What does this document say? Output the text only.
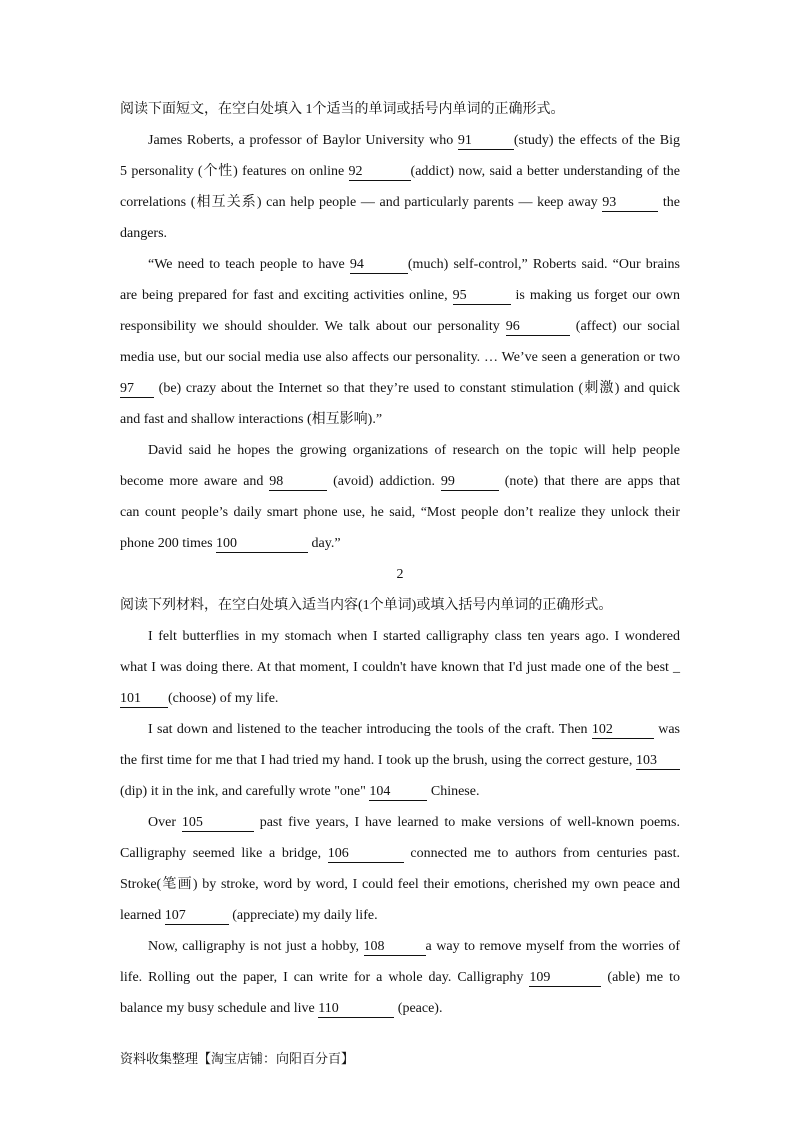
阅读下面短文，在空白处填入 1个适当的单词或括号内单词的正确形式。
James Roberts, a professor of Baylor University who 91	(study) the effects of the Big
5 personality (个性) features on online 92	(addict) now, said a better understanding of the
correlations (相互关系) can help people — and particularly parents — keep away 93	the
dangers.
“We need to teach people to have 94	(much) self-control,” Roberts said. “Our brains
are being prepared for fast and exciting activities online, 95	is making us forget our own
responsibility we should shoulder. We talk about our personality 96	(affect) our social
media use, but our social media use also affects our personality. … We’ve seen a generation or two
97 (be) crazy about the Internet so that they’re used to constant stimulation (刺激) and quick
and fast and shallow interactions (相互影响).”
David said he hopes the growing organizations of research on the topic will help people
become more aware and 98	(avoid) addiction. 99	(note) that there are apps that
can count people’s daily smart phone use, he said, “Most people don’t realize they unlock their
phone 200 times 100	day.”
2
阅读下列材料，在空白处填入适当内容(1个单词)或填入括号内单词的正确形式。
I felt butterflies in my stomach when I started calligraphy class ten years ago. I wondered
what I was doing there. At that moment, I couldn't have known that I'd just made one of the best _
101 (choose) of my life.
I sat down and listened to the teacher introducing the tools of the craft. Then 102	was
the first time for me that I had tried my hand. I took up the brush, using the correct gesture, 103
(dip) it in the ink, and carefully wrote "one" 104	Chinese.
Over 105	past five years, I have learned to make versions of well-known poems.
Calligraphy seemed like a bridge, 106	connected me to authors from centuries past.
Stroke(笔画) by stroke, word by word, I could feel their emotions, cherished my own peace and
learned 107	(appreciate) my daily life.
Now, calligraphy is not just a hobby, 108	a way to remove myself from the worries of
life. Rolling out the paper, I can write for a whole day. Calligraphy 109	(able) me to
balance my busy schedule and live 110	(peace).
资料收集整理【淘宝店铺：向阳百分百】
